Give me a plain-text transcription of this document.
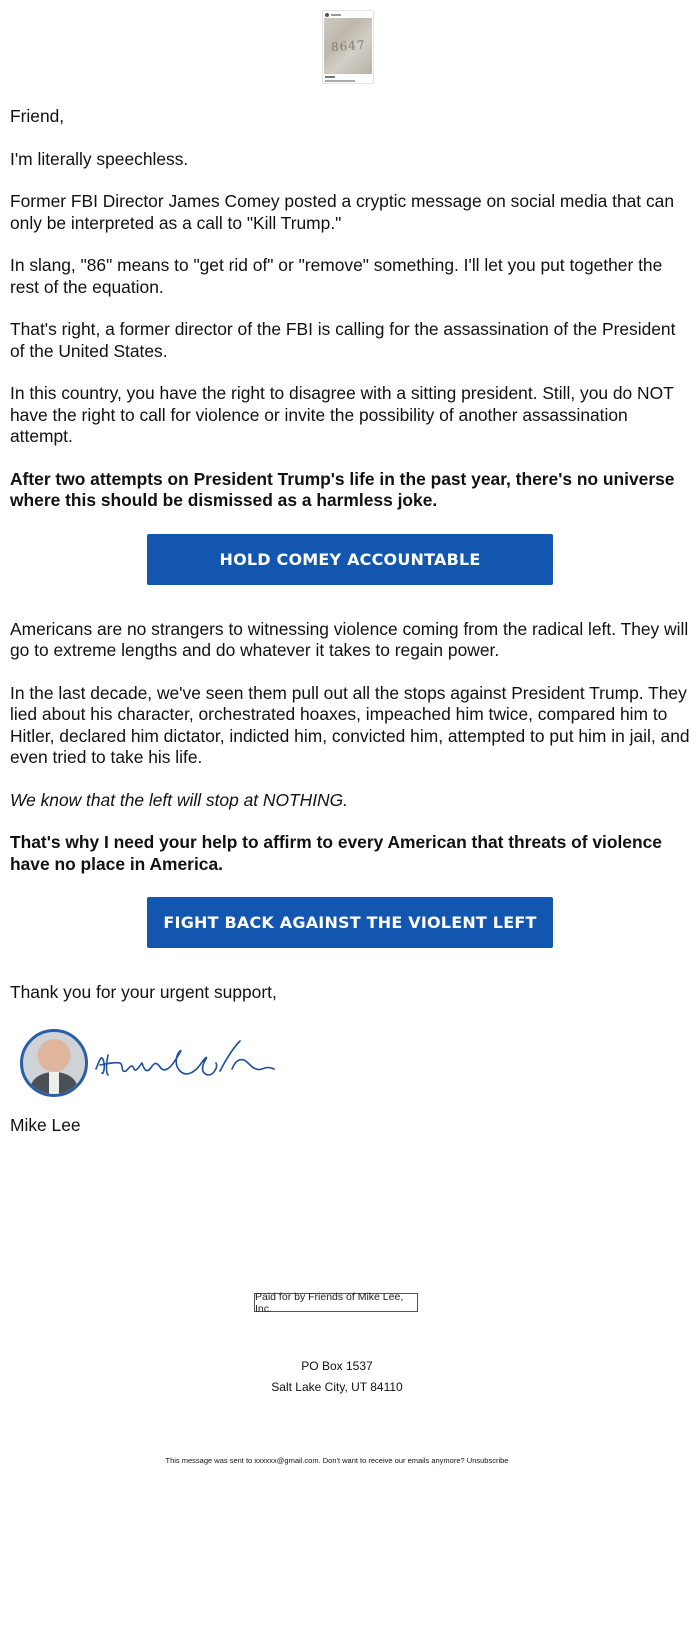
8647

Friend,

I'm literally speechless.

Former FBI Director James Comey posted a cryptic message on social media that can only be interpreted as a call to "Kill Trump."

In slang, "86" means to "get rid of" or "remove" something. I'll let you put together the rest of the equation.

That's right, a former director of the FBI is calling for the assassination of the President of the United States.

In this country, you have the right to disagree with a sitting president. Still, you do NOT have the right to call for violence or invite the possibility of another assassination attempt.

After two attempts on President Trump's life in the past year, there's no universe where this should be dismissed as a harmless joke.

HOLD COMEY ACCOUNTABLE

Americans are no strangers to witnessing violence coming from the radical left. They will go to extreme lengths and do whatever it takes to regain power.

In the last decade, we've seen them pull out all the stops against President Trump. They lied about his character, orchestrated hoaxes, impeached him twice, compared him to Hitler, declared him dictator, indicted him, convicted him, attempted to put him in jail, and even tried to take his life.

We know that the left will stop at NOTHING.

That's why I need your help to affirm to every American that threats of violence have no place in America.

FIGHT BACK AGAINST THE VIOLENT LEFT

Thank you for your urgent support,

Mike Lee

Paid for by Friends of Mike Lee, Inc.
PO Box 1537
Salt Lake City, UT 84110
This message was sent to xxxxxx@gmail.com. Don't want to receive our emails anymore? Unsubscribe
